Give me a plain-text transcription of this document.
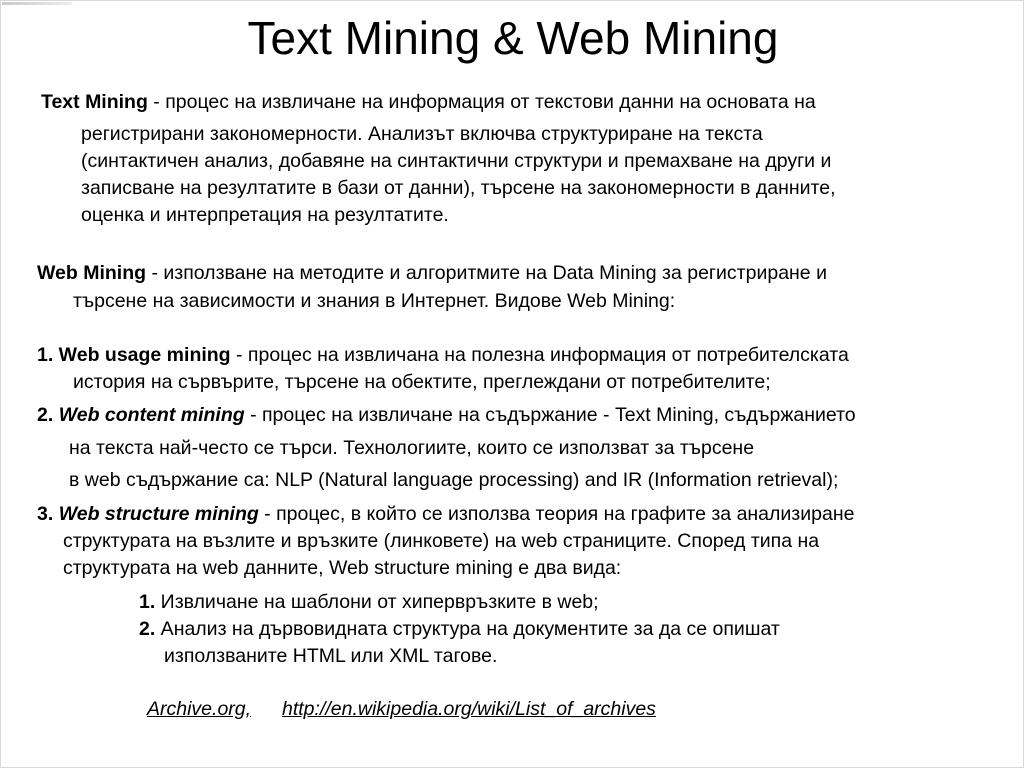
Text Mining & Web Mining
Text Mining - процес на извличане на информация от текстови данни на основата на
регистрирани закономерности. Анализът включва структуриране на текста
(синтактичен анализ, добавяне на синтактични структури и премахване на други и
записване на резултатите в бази от данни), търсене на закономерности в данните,
оценка и интерпретация на резултатите.
Web Mining - използване на методите и алгоритмите на Data Mining за регистриране и
търсене на зависимости и знания в Интернет. Видове Web Mining:
1. Web usage mining - процес на извличана на полезна информация от потребителската
история на сървърите, търсене на обектите, преглеждани от потребителите;
2. Web content mining - процес на извличане на съдържание - Text Mining, съдържанието
на текста най-често се търси. Технологиите, които се използват за търсене
в web съдържание са: NLP (Natural language processing) and IR (Information retrieval);
3. Web structure mining - процес, в който се използва теория на графите за анализиране
структурата на възлите и връзките (линковете) на web страниците. Според типа на
структурата на web данните, Web structure mining е два вида:
1. Извличане на шаблони от хипервръзките в web;
2. Анализ на дървовидната структура на документите за да се опишат
използваните HTML или XML тагове.
Archive.org, http://en.wikipedia.org/wiki/List_of_archives
